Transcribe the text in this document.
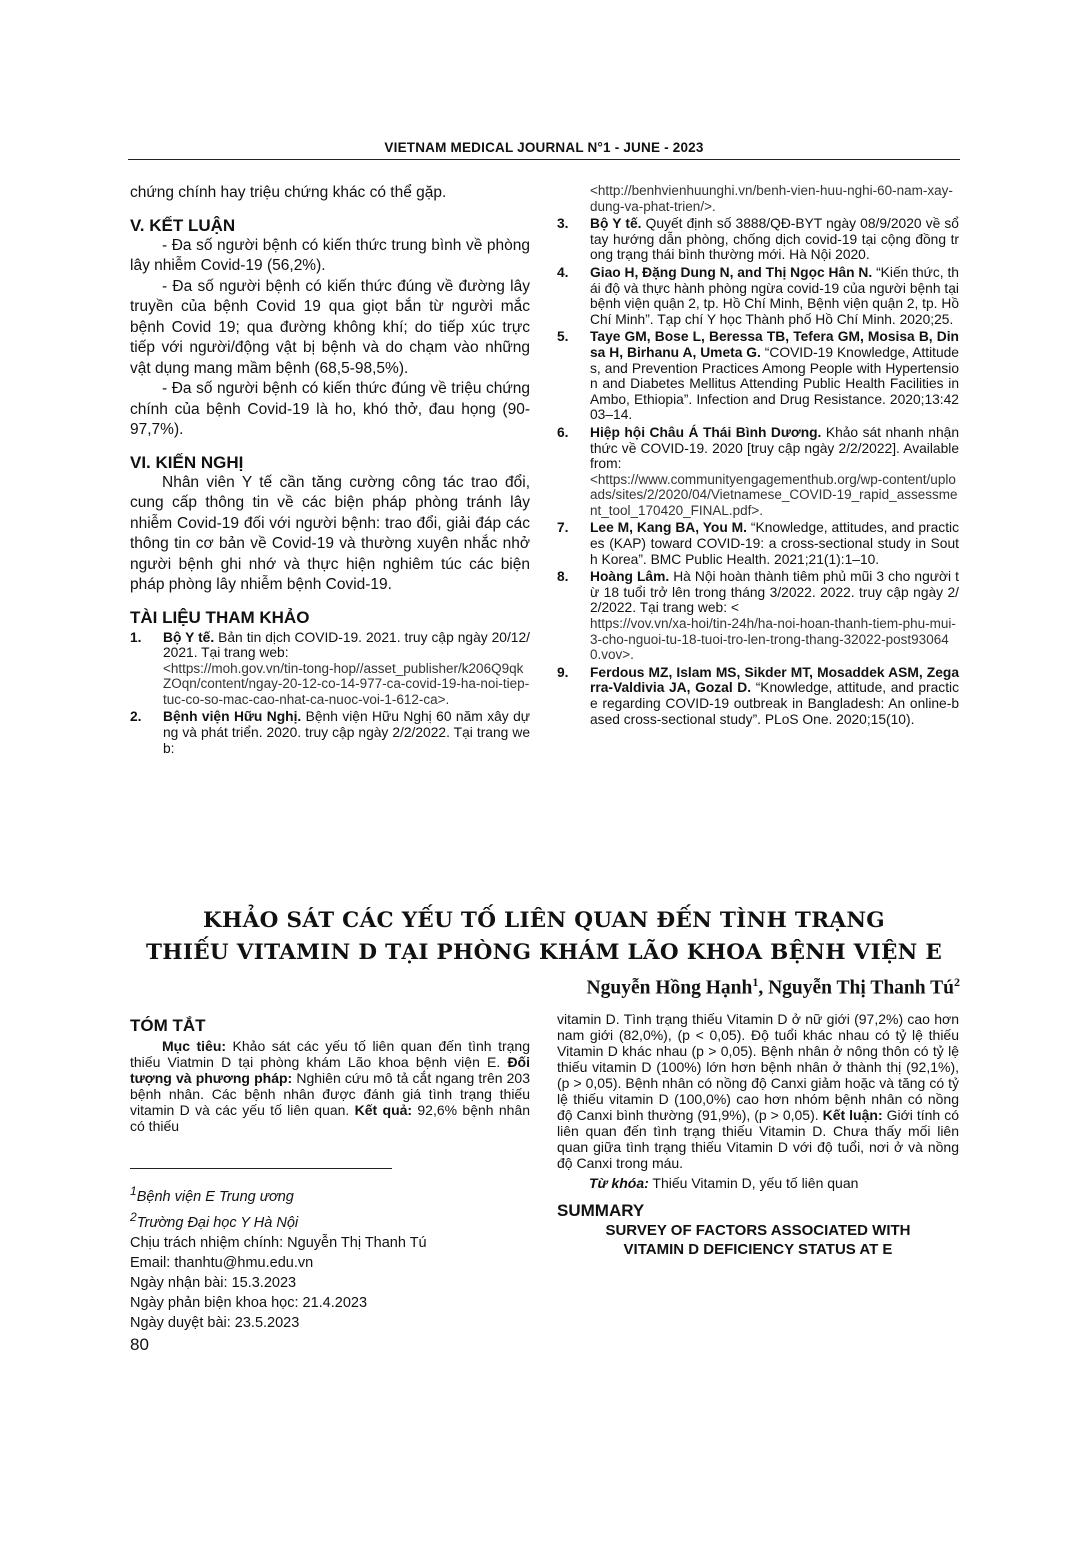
VIETNAM MEDICAL JOURNAL N°1 - JUNE - 2023

chứng chính hay triệu chứng khác có thể gặp.

V. KẾT LUẬN

- Đa số người bệnh có kiến thức trung bình về phòng lây nhiễm Covid-19 (56,2%).

- Đa số người bệnh có kiến thức đúng về đường lây truyền của bệnh Covid 19 qua giọt bắn từ người mắc bệnh Covid 19; qua đường không khí; do tiếp xúc trực tiếp với người/động vật bị bệnh và do chạm vào những vật dụng mang mầm bệnh (68,5-98,5%).

- Đa số người bệnh có kiến thức đúng về triệu chứng chính của bệnh Covid-19 là ho, khó thở, đau họng (90-97,7%).

VI. KIẾN NGHỊ

Nhân viên Y tế cần tăng cường công tác trao đổi, cung cấp thông tin về các biện pháp phòng tránh lây nhiễm Covid-19 đối với người bệnh: trao đổi, giải đáp các thông tin cơ bản về Covid-19 và thường xuyên nhắc nhở người bệnh ghi nhớ và thực hiện nghiêm túc các biện pháp phòng lây nhiễm bệnh Covid-19.

TÀI LIỆU THAM KHẢO

1.	Bộ Y tế. Bản tin dịch COVID-19. 2021. truy cập ngày 20/12/2021. Tại trang web:
<https://moh.gov.vn/tin-tong-hop//asset_publisher/k206Q9qkZOqn/content/ngay-20-12-co-14-977-ca-covid-19-ha-noi-tiep-tuc-co-so-mac-cao-nhat-ca-nuoc-voi-1-612-ca>.
2.	Bệnh viện Hữu Nghị. Bệnh viện Hữu Nghị 60 năm xây dựng và phát triển. 2020. truy cập ngày 2/2/2022. Tại trang web:
<http://benhvienhuunghi.vn/benh-vien-huu-nghi-60-nam-xay-dung-va-phat-trien/>.
3.	Bộ Y tế. Quyết định số 3888/QĐ-BYT ngày 08/9/2020 về sổ tay hướng dẫn phòng, chống dịch covid-19 tại cộng đồng trong trạng thái bình thường mới. Hà Nội 2020.
4.	Giao H, Đặng Dung N, and Thị Ngọc Hân N. “Kiến thức, thái độ và thực hành phòng ngừa covid-19 của người bệnh tại bệnh viện quận 2, tp. Hồ Chí Minh, Bệnh viện quận 2, tp. Hồ Chí Minh”. Tạp chí Y học Thành phố Hồ Chí Minh. 2020;25.
5.	Taye GM, Bose L, Beressa TB, Tefera GM, Mosisa B, Dinsa H, Birhanu A, Umeta G. “COVID-19 Knowledge, Attitudes, and Prevention Practices Among People with Hypertension and Diabetes Mellitus Attending Public Health Facilities in Ambo, Ethiopia”. Infection and Drug Resistance. 2020;13:4203–14.
6.	Hiệp hội Châu Á Thái Bình Dương. Khảo sát nhanh nhận thức về COVID-19. 2020 [truy cập ngày 2/2/2022]. Available from:
<https://www.communityengagementhub.org/wp-content/uploads/sites/2/2020/04/Vietnamese_COVID-19_rapid_assessment_tool_170420_FINAL.pdf>.
7.	Lee M, Kang BA, You M. “Knowledge, attitudes, and practices (KAP) toward COVID-19: a cross-sectional study in South Korea”. BMC Public Health. 2021;21(1):1–10.
8.	Hoàng Lâm. Hà Nội hoàn thành tiêm phủ mũi 3 cho người từ 18 tuổi trở lên trong tháng 3/2022. 2022. truy cập ngày 2/2/2022. Tại trang web: <
https://vov.vn/xa-hoi/tin-24h/ha-noi-hoan-thanh-tiem-phu-mui-3-cho-nguoi-tu-18-tuoi-tro-len-trong-thang-32022-post930640.vov>.
9.	Ferdous MZ, Islam MS, Sikder MT, Mosaddek ASM, Zegarra-Valdivia JA, Gozal D. “Knowledge, attitude, and practice regarding COVID-19 outbreak in Bangladesh: An online-based cross-sectional study”. PLoS One. 2020;15(10).
KHẢO SÁT CÁC YẾU TỐ LIÊN QUAN ĐẾN TÌNH TRẠNG
THIẾU VITAMIN D TẠI PHÒNG KHÁM LÃO KHOA BỆNH VIỆN E
Nguyễn Hồng Hạnh$^1$, Nguyễn Thị Thanh $Tú^2$

TÓM TẮT

Mục tiêu: Khảo sát các yếu tố liên quan đến tình trạng thiếu Viatmin D tại phòng khám Lão khoa bệnh viện E. Đối tượng và phương pháp: Nghiên cứu mô tả cắt ngang trên 203 bệnh nhân. Các bệnh nhân được đánh giá tình trạng thiếu vitamin D và các yếu tố liên quan. Kết quả: 92,6% bệnh nhân có thiếu

$^1$Bệnh viện E Trung ương

$^2$Trường Đại học Y Hà Nội

Chịu trách nhiệm chính: Nguyễn Thị Thanh Tú

Email: thanhtu@hmu.edu.vn

Ngày nhận bài: 15.3.2023

Ngày phản biện khoa học: 21.4.2023

Ngày duyệt bài: 23.5.2023

vitamin D. Tình trạng thiếu Vitamin D ở nữ giới (97,2%) cao hơn nam giới (82,0%), (p < 0,05). Độ tuổi khác nhau có tỷ lệ thiếu Vitamin D khác nhau (p > 0,05). Bệnh nhân ở nông thôn có tỷ lệ thiếu vitamin D (100%) lớn hơn bệnh nhân ở thành thị (92,1%), (p > 0,05). Bệnh nhân có nồng độ Canxi giảm hoặc và tăng có tỷ lệ thiếu vitamin D (100,0%) cao hơn nhóm bệnh nhân có nồng độ Canxi bình thường (91,9%), (p > 0,05). Kết luận: Giới tính có liên quan đến tình trạng thiếu Vitamin D. Chưa thấy mối liên quan giữa tình trạng thiếu Vitamin D với độ tuổi, nơi ở và nồng độ Canxi trong máu.

Từ khóa: Thiếu Vitamin D, yếu tố liên quan

SUMMARY

SURVEY OF FACTORS ASSOCIATED WITH

VITAMIN D DEFICIENCY STATUS AT E

80
